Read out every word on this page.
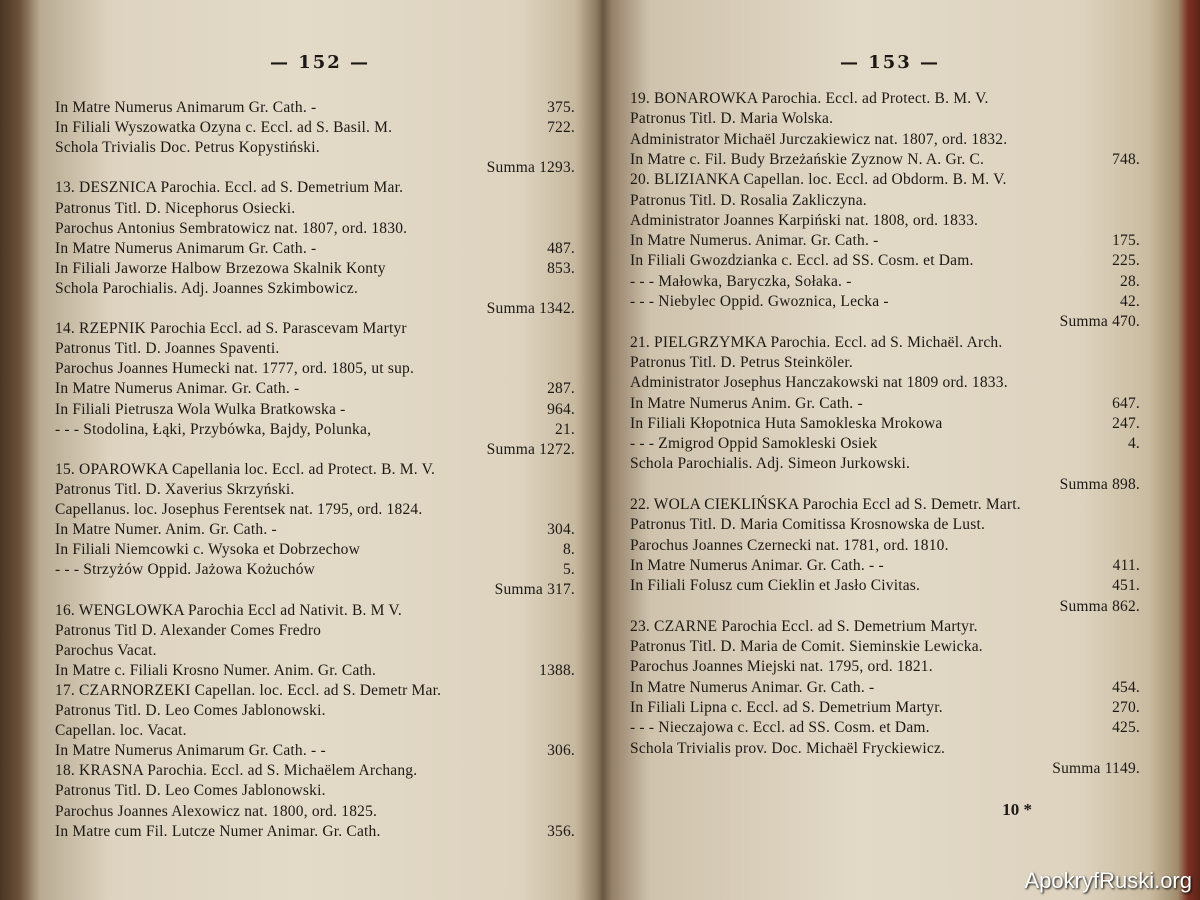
— 152 —
In Matre Numerus Animarum Gr. Cath. -	375.
In Filiali Wyszowatka Ozyna c. Eccl. ad S. Basil. M.	722.
Schola Trivialis Doc. Petrus Kopystiński.
Summa 1293.
13. DESZNICA Parochia. Eccl. ad S. Demetrium Mar.
Patronus Titl. D. Nicephorus Osiecki.
Parochus Antonius Sembratowicz nat. 1807, ord. 1830.
In Matre Numerus Animarum Gr. Cath. -	487.
In Filiali Jaworze Halbow Brzezowa Skalnik Konty	853.
Schola Parochialis. Adj. Joannes Szkimbowicz.
Summa 1342.
14. RZEPNIK Parochia Eccl. ad S. Parascevam Martyr
Patronus Titl. D. Joannes Spaventi.
Parochus Joannes Humecki nat. 1777, ord. 1805, ut sup.
In Matre Numerus Animar. Gr. Cath. -	287.
In Filiali Pietrusza Wola Wulka Bratkowska -	964.
- - - Stodolina, Łąki, Przybówka, Bajdy, Polunka,	21.
Summa 1272.
15. OPAROWKA Capellania loc. Eccl. ad Protect. B. M. V.
Patronus Titl. D. Xaverius Skrzyński.
Capellanus. loc. Josephus Ferentsek nat. 1795, ord. 1824.
In Matre Numer. Anim. Gr. Cath. -	304.
In Filiali Niemcowki c. Wysoka et Dobrzechow	8.
- - - Strzyżów Oppid. Jażowa Kożuchów	5.
Summa 317.
16. WENGLOWKA Parochia Eccl ad Nativit. B. M V.
Patronus Titl D. Alexander Comes Fredro
Parochus Vacat.
In Matre c. Filiali Krosno Numer. Anim. Gr. Cath.	1388.
17. CZARNORZEKI Capellan. loc. Eccl. ad S. Demetr Mar.
Patronus Titl. D. Leo Comes Jablonowski.
Capellan. loc. Vacat.
In Matre Numerus Animarum Gr. Cath. - -	306.
18. KRASNA Parochia. Eccl. ad S. Michaëlem Archang.
Patronus Titl. D. Leo Comes Jablonowski.
Parochus Joannes Alexowicz nat. 1800, ord. 1825.
In Matre cum Fil. Lutcze Numer Animar. Gr. Cath.	356.
— 153 —
19. BONAROWKA Parochia. Eccl. ad Protect. B. M. V.
Patronus Titl. D. Maria Wolska.
Administrator Michaël Jurczakiewicz nat. 1807, ord. 1832.
In Matre c. Fil. Budy Brzeżańskie Zyznow N. A. Gr. C.	748.
20. BLIZIANKA Capellan. loc. Eccl. ad Obdorm. B. M. V.
Patronus Titl. D. Rosalia Zakliczyna.
Administrator Joannes Karpiński nat. 1808, ord. 1833.
In Matre Numerus. Animar. Gr. Cath. -	175.
In Filiali Gwozdzianka c. Eccl. ad SS. Cosm. et Dam.	225.
- - - Małowka, Baryczka, Sołaka. -	28.
- - - Niebylec Oppid. Gwoznica, Lecka -	42.
Summa 470.
21. PIELGRZYMKA Parochia. Eccl. ad S. Michaël. Arch.
Patronus Titl. D. Petrus Steinköler.
Administrator Josephus Hanczakowski nat 1809 ord. 1833.
In Matre Numerus Anim. Gr. Cath. -	647.
In Filiali Kłopotnica Huta Samokleska Mrokowa	247.
- - - Zmigrod Oppid Samokleski Osiek	4.
Schola Parochialis. Adj. Simeon Jurkowski.
Summa 898.
22. WOLA CIEKLIŃSKA Parochia Eccl ad S. Demetr. Mart.
Patronus Titl. D. Maria Comitissa Krosnowska de Lust.
Parochus Joannes Czernecki nat. 1781, ord. 1810.
In Matre Numerus Animar. Gr. Cath. - -	411.
In Filiali Folusz cum Cieklin et Jasło Civitas.	451.
Summa 862.
23. CZARNE Parochia Eccl. ad S. Demetrium Martyr.
Patronus Titl. D. Maria de Comit. Sieminskie Lewicka.
Parochus Joannes Miejski nat. 1795, ord. 1821.
In Matre Numerus Animar. Gr. Cath. -	454.
In Filiali Lipna c. Eccl. ad S. Demetrium Martyr.	270.
- - - Nieczajowa c. Eccl. ad SS. Cosm. et Dam.	425.
Schola Trivialis prov. Doc. Michaël Fryckiewicz.
Summa 1149.
10 *
ApokryfRuski.org
